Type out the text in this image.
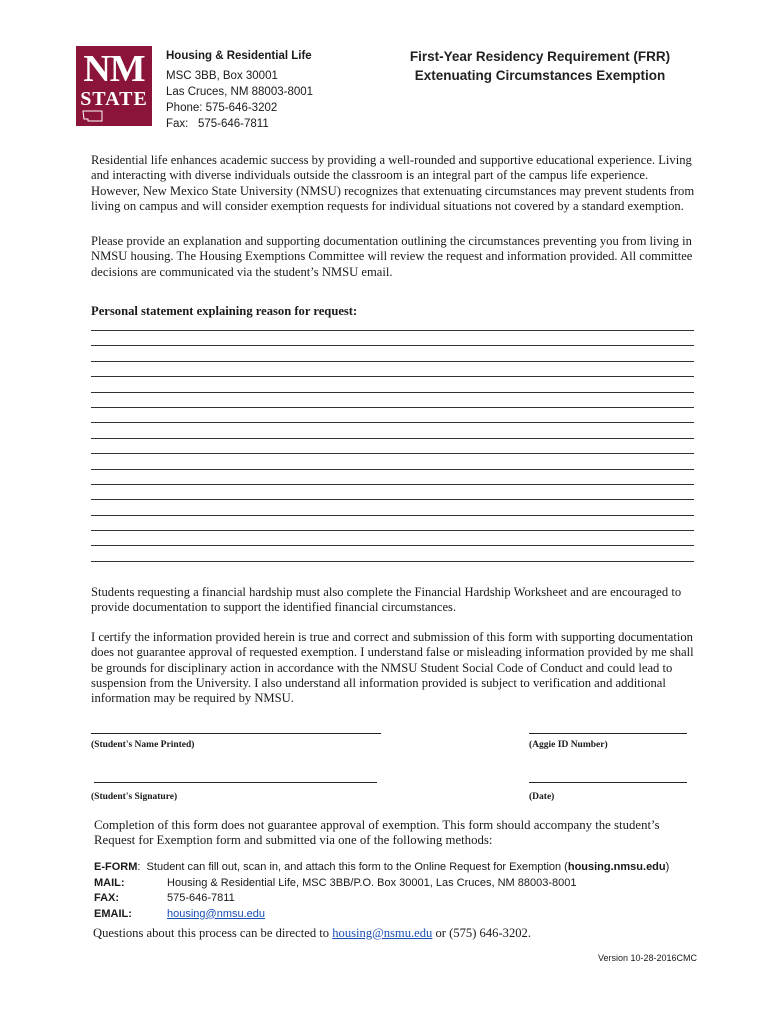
NM
STATE
Housing & Residential Life
MSC 3BB, Box 30001
Las Cruces, NM 88003-8001
Phone: 575-646-3202
Fax:   575-646-7811
First-Year Residency Requirement (FRR)
Extenuating Circumstances Exemption

Residential life enhances academic success by providing a well-rounded and supportive educational experience. Living and interacting with diverse individuals outside the classroom is an integral part of the campus life experience. However, New Mexico State University (NMSU) recognizes that extenuating circumstances may prevent students from living on campus and will consider exemption requests for individual situations not covered by a standard exemption.

Please provide an explanation and supporting documentation outlining the circumstances preventing you from living in NMSU housing. The Housing Exemptions Committee will review the request and information provided. All committee decisions are communicated via the student’s NMSU email.

Personal statement explaining reason for request:

Students requesting a financial hardship must also complete the Financial Hardship Worksheet and are encouraged to provide documentation to support the identified financial circumstances.

I certify the information provided herein is true and correct and submission of this form with supporting documentation does not guarantee approval of requested exemption. I understand false or misleading information provided by me shall be grounds for disciplinary action in accordance with the NMSU Student Social Code of Conduct and could lead to suspension from the University. I also understand all information provided is subject to verification and additional information may be required by NMSU.

(Student's Name Printed)	(Aggie ID Number)
(Student's Signature)	(Date)

Completion of this form does not guarantee approval of exemption. This form should accompany the student’s Request for Exemption form and submitted via one of the following methods:

E-FORM :  Student can fill out, scan in, and attach this form to the Online Request for Exemption ( housing.nmsu.edu )
MAIL:	Housing & Residential Life, MSC 3BB/P.O. Box 30001, Las Cruces, NM 88003-8001
FAX:	575-646-7811
EMAIL:	housing@nmsu.edu
Questions about this process can be directed to housing@nsmu.edu or (575) 646-3202.
Version 10-28-2016CMC
